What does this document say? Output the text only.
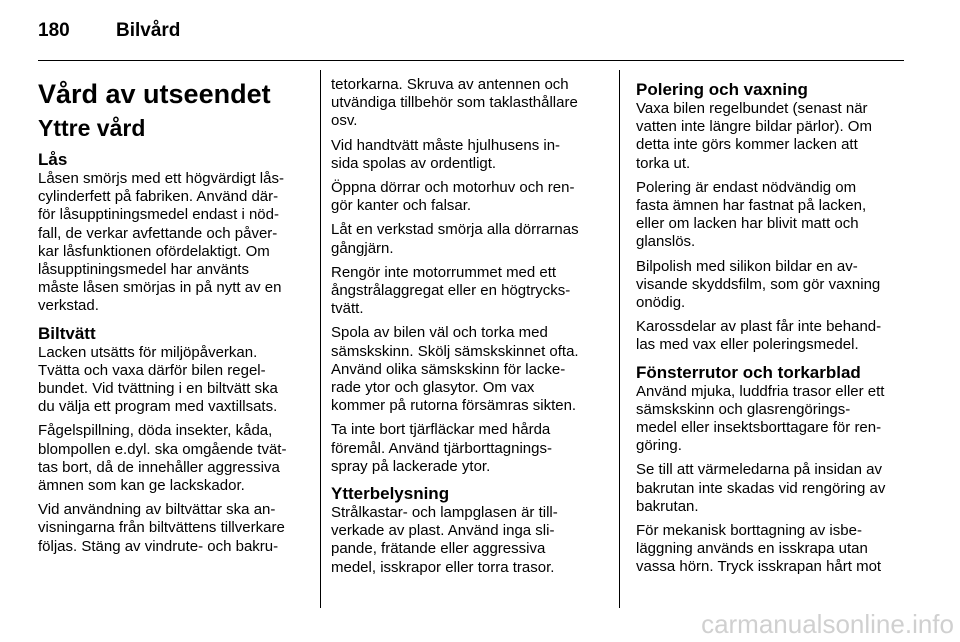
180 Bilvård
Vård av utseendet
Yttre vård
Lås

Låsen smörjs med ett högvärdigt lås-
cylinderfett på fabriken. Använd där-
för låsupptiningsmedel endast i nöd-
fall, de verkar avfettande och påver-
kar låsfunktionen ofördelaktigt. Om
låsupptiningsmedel har använts
måste låsen smörjas in på nytt av en
verkstad.

Biltvätt

Lacken utsätts för miljöpåverkan.
Tvätta och vaxa därför bilen regel-
bundet. Vid tvättning i en biltvätt ska
du välja ett program med vaxtillsats.

Fågelspillning, döda insekter, kåda,
blompollen e.dyl. ska omgående tvät-
tas bort, då de innehåller aggressiva
ämnen som kan ge lackskador.

Vid användning av biltvättar ska an-
visningarna från biltvättens tillverkare
följas. Stäng av vindrute- och bakru-

tetorkarna. Skruva av antennen och
utvändiga tillbehör som taklasthållare
osv.

Vid handtvätt måste hjulhusens in-
sida spolas av ordentligt.

Öppna dörrar och motorhuv och ren-
gör kanter och falsar.

Låt en verkstad smörja alla dörrarnas
gångjärn.

Rengör inte motorrummet med ett
ångstrålaggregat eller en högtrycks-
tvätt.

Spola av bilen väl och torka med
sämskskinn. Skölj sämskskinnet ofta.
Använd olika sämskskinn för lacke-
rade ytor och glasytor. Om vax
kommer på rutorna försämras sikten.

Ta inte bort tjärfläckar med hårda
föremål. Använd tjärborttagnings-
spray på lackerade ytor.

Ytterbelysning

Strålkastar- och lampglasen är till-
verkade av plast. Använd inga sli-
pande, frätande eller aggressiva
medel, isskrapor eller torra trasor.

Polering och vaxning

Vaxa bilen regelbundet (senast när
vatten inte längre bildar pärlor). Om
detta inte görs kommer lacken att
torka ut.

Polering är endast nödvändig om
fasta ämnen har fastnat på lacken,
eller om lacken har blivit matt och
glanslös.

Bilpolish med silikon bildar en av-
visande skyddsfilm, som gör vaxning
onödig.

Karossdelar av plast får inte behand-
las med vax eller poleringsmedel.

Fönsterrutor och torkarblad

Använd mjuka, luddfria trasor eller ett
sämskskinn och glasrengörings-
medel eller insektsborttagare för ren-
göring.

Se till att värmeledarna på insidan av
bakrutan inte skadas vid rengöring av
bakrutan.

För mekanisk borttagning av isbe-
läggning används en isskrapa utan
vassa hörn. Tryck isskrapan hårt mot

carmanualsonline.info
